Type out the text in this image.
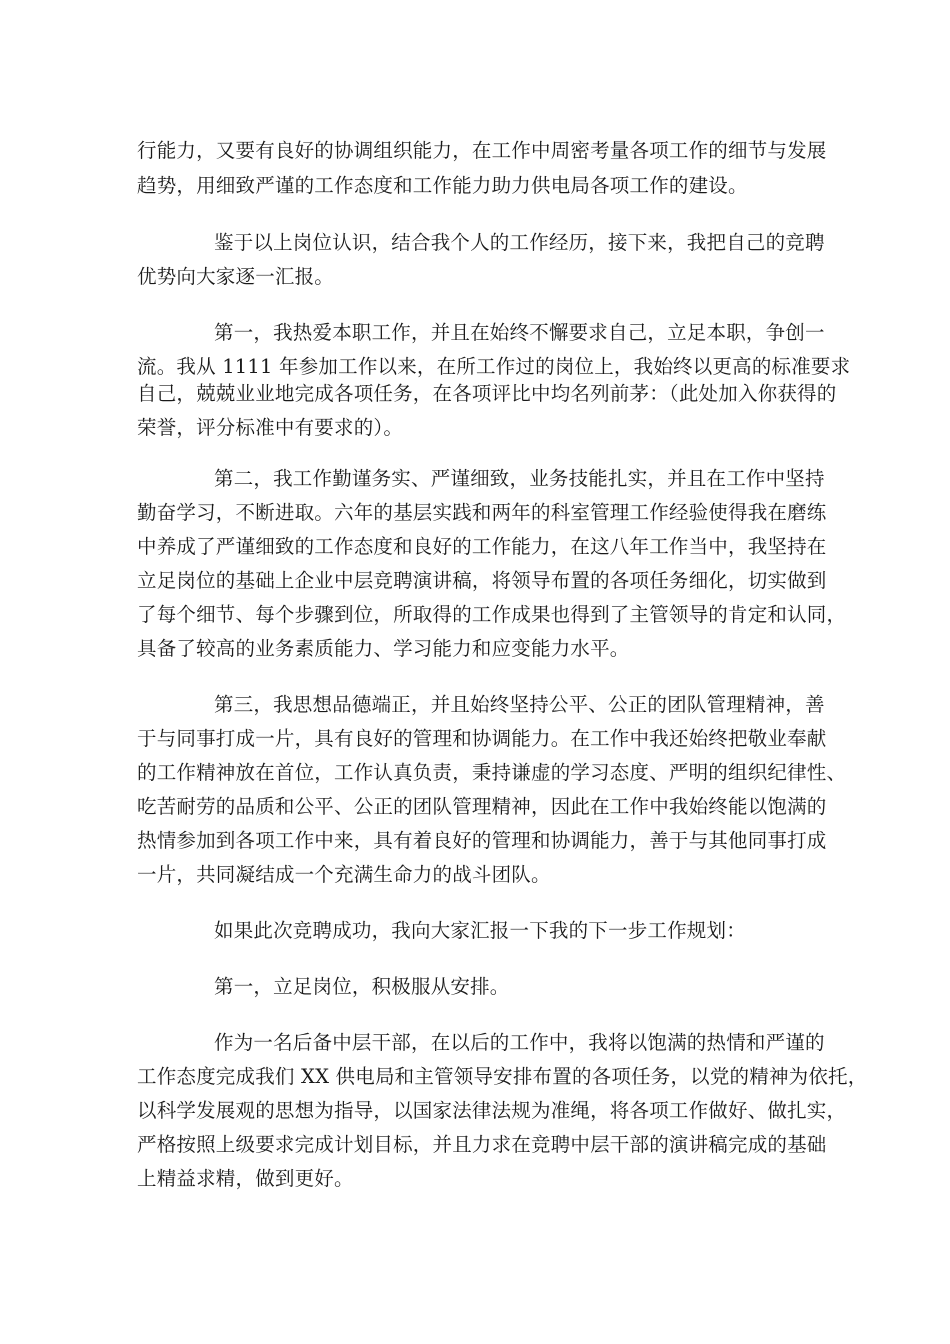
行能力，又要有良好的协调组织能力，在工作中周密考量各项工作的细节与发展
趋势，用细致严谨的工作态度和工作能力助力供电局各项工作的建设。
鉴于以上岗位认识，结合我个人的工作经历，接下来，我把自己的竞聘
优势向大家逐一汇报。
第一，我热爱本职工作，并且在始终不懈要求自己，立足本职，争创一
流。我从 1111 年参加工作以来，在所工作过的岗位上，我始终以更高的标准要求
自己，兢兢业业地完成各项任务，在各项评比中均名列前茅：（此处加入你获得的
荣誉，评分标准中有要求的）。
第二，我工作勤谨务实、严谨细致，业务技能扎实，并且在工作中坚持
勤奋学习，不断进取。六年的基层实践和两年的科室管理工作经验使得我在磨练
中养成了严谨细致的工作态度和良好的工作能力，在这八年工作当中，我坚持在
立足岗位的基础上企业中层竞聘演讲稿，将领导布置的各项任务细化，切实做到
了每个细节、每个步骤到位，所取得的工作成果也得到了主管领导的肯定和认同，
具备了较高的业务素质能力、学习能力和应变能力水平。
第三，我思想品德端正，并且始终坚持公平、公正的团队管理精神，善
于与同事打成一片，具有良好的管理和协调能力。在工作中我还始终把敬业奉献
的工作精神放在首位，工作认真负责，秉持谦虚的学习态度、严明的组织纪律性、
吃苦耐劳的品质和公平、公正的团队管理精神，因此在工作中我始终能以饱满的
热情参加到各项工作中来，具有着良好的管理和协调能力，善于与其他同事打成
一片，共同凝结成一个充满生命力的战斗团队。
如果此次竞聘成功，我向大家汇报一下我的下一步工作规划：
第一，立足岗位，积极服从安排。
作为一名后备中层干部，在以后的工作中，我将以饱满的热情和严谨的
工作态度完成我们 XX 供电局和主管领导安排布置的各项任务，以党的精神为依托，
以科学发展观的思想为指导，以国家法律法规为准绳，将各项工作做好、做扎实，
严格按照上级要求完成计划目标，并且力求在竞聘中层干部的演讲稿完成的基础
上精益求精，做到更好。
